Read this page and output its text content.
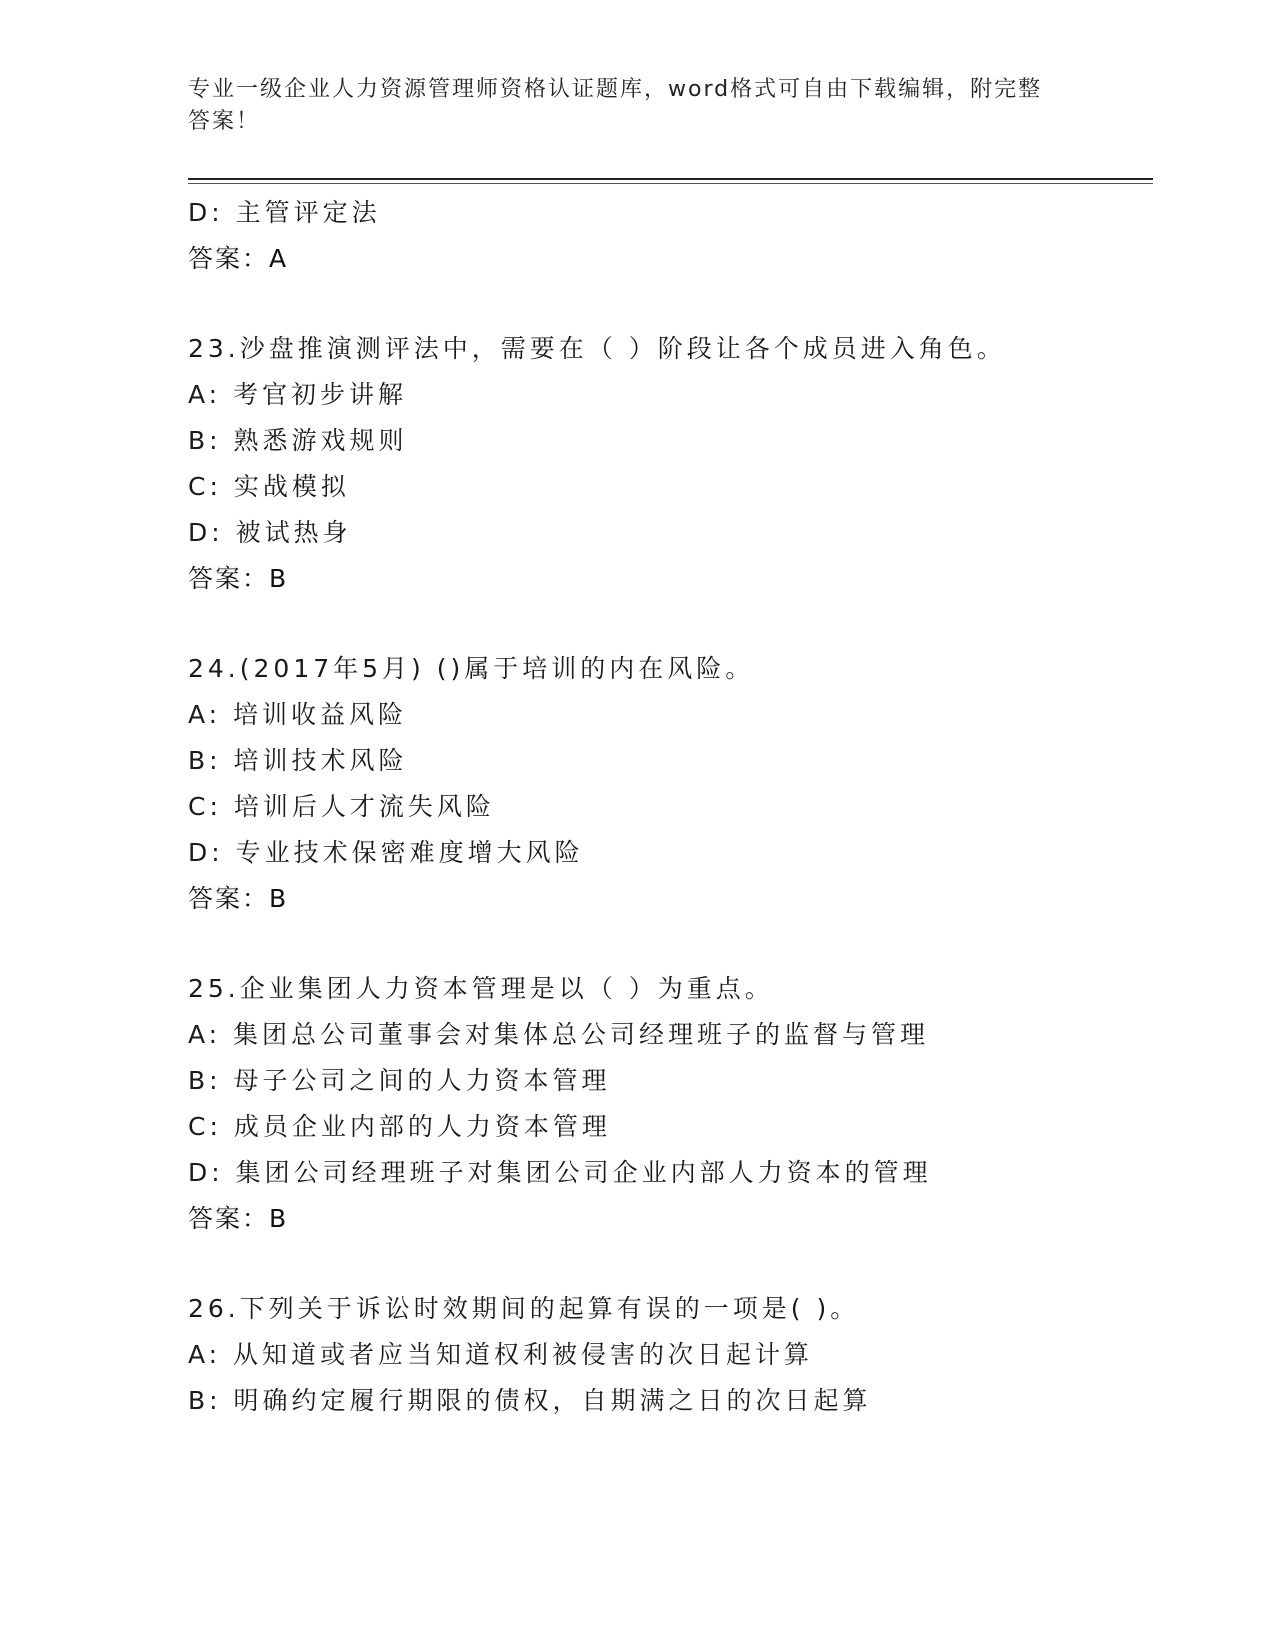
专业一级企业人力资源管理师资格认证题库，word格式可自由下载编辑，附完整
答案！
D: 主管评定法
答案：A
23.沙盘推演测评法中，需要在（ ）阶段让各个成员进入角色。
A: 考官初步讲解
B: 熟悉游戏规则
C: 实战模拟
D: 被试热身
答案：B
24.(2017年5月) ()属于培训的内在风险。
A: 培训收益风险
B: 培训技术风险
C: 培训后人才流失风险
D: 专业技术保密难度增大风险
答案：B
25.企业集团人力资本管理是以（ ）为重点。
A: 集团总公司董事会对集体总公司经理班子的监督与管理
B: 母子公司之间的人力资本管理
C: 成员企业内部的人力资本管理
D: 集团公司经理班子对集团公司企业内部人力资本的管理
答案：B
26.下列关于诉讼时效期间的起算有误的一项是( )。
A: 从知道或者应当知道权利被侵害的次日起计算
B: 明确约定履行期限的债权，自期满之日的次日起算
